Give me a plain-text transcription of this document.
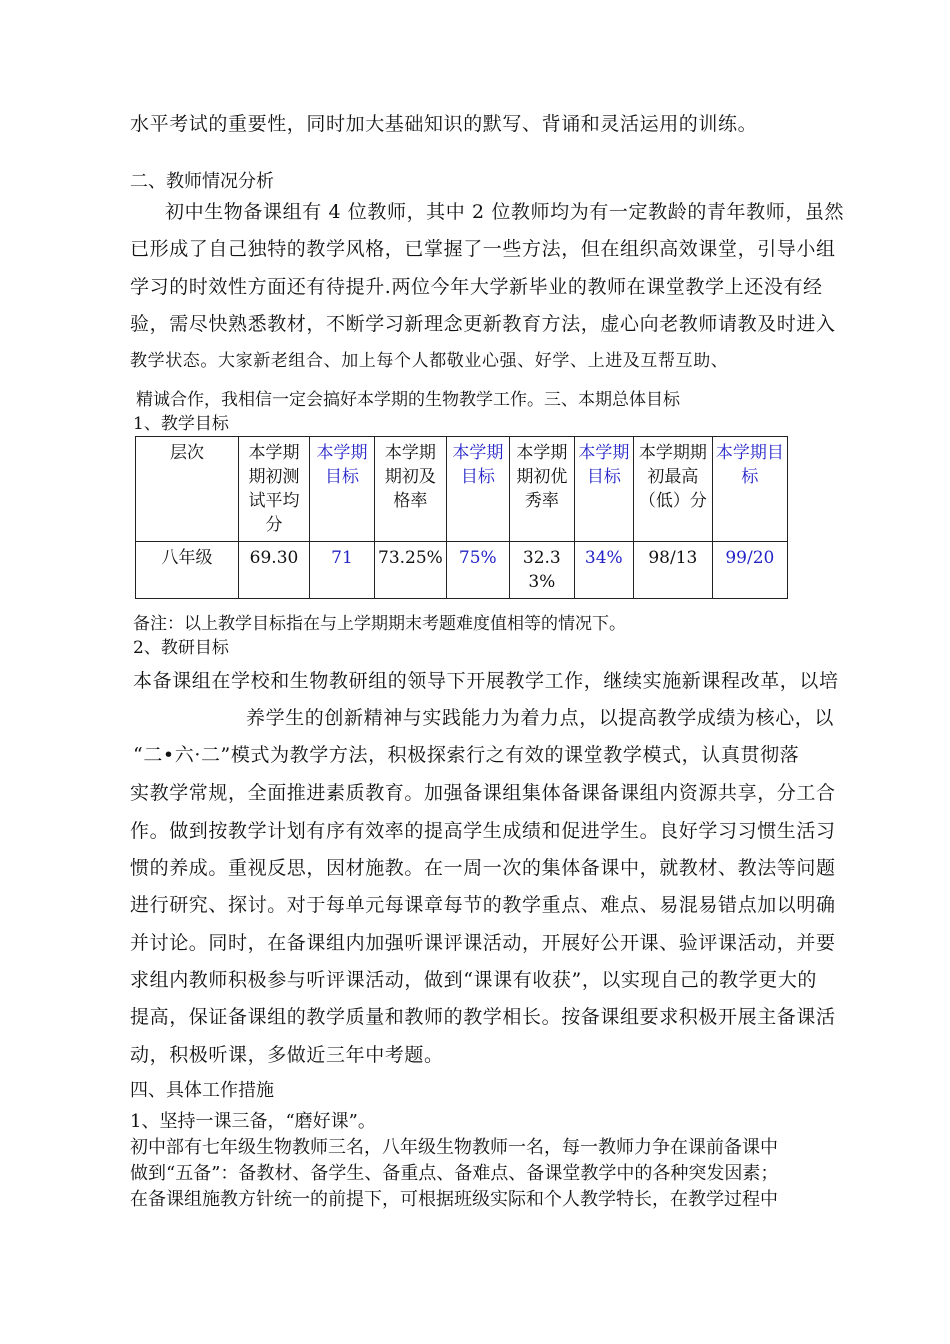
水平考试的重要性，同时加大基础知识的默写、背诵和灵活运用的训练。
二、教师情况分析
初中生物备课组有 4 位教师，其中 2 位教师均为有一定教龄的青年教师，虽然
已形成了自己独特的教学风格，已掌握了一些方法，但在组织高效课堂，引导小组
学习的时效性方面还有待提升.两位今年大学新毕业的教师在课堂教学上还没有经
验，需尽快熟悉教材，不断学习新理念更新教育方法，虚心向老教师请教及时进入
教学状态。大家新老组合、加上每个人都敬业心强、好学、上进及互帮互助、
精诚合作，我相信一定会搞好本学期的生物教学工作。三、本期总体目标
1、教学目标
层次	本学期期初测试平均分	本学期目标	本学期期初及格率	本学期目标	本学期期初优秀率	本学期目标	本学期期初最高（低）分	本学期目标
八年级	69.30	71	73.25%	75%	32.33%	34%	98/13	99/20
备注：以上教学目标指在与上学期期末考题难度值相等的情况下。
2、教研目标
本备课组在学校和生物教研组的领导下开展教学工作，继续实施新课程改革，以培
养学生的创新精神与实践能力为着力点，以提高教学成绩为核心，以
“二•六·二”模式为教学方法，积极探索行之有效的课堂教学模式，认真贯彻落
实教学常规，全面推进素质教育。加强备课组集体备课备课组内资源共享，分工合
作。做到按教学计划有序有效率的提高学生成绩和促进学生。良好学习习惯生活习
惯的养成。重视反思，因材施教。在一周一次的集体备课中，就教材、教法等问题
进行研究、探讨。对于每单元每课章每节的教学重点、难点、易混易错点加以明确
并讨论。同时，在备课组内加强听课评课活动，开展好公开课、验评课活动，并要
求组内教师积极参与听评课活动，做到“课课有收获”，以实现自己的教学更大的
提高，保证备课组的教学质量和教师的教学相长。按备课组要求积极开展主备课活
动，积极听课，多做近三年中考题。
四、具体工作措施
1、坚持一课三备，“磨好课”。
初中部有七年级生物教师三名，八年级生物教师一名，每一教师力争在课前备课中
做到“五备”：备教材、备学生、备重点、备难点、备课堂教学中的各种突发因素；
在备课组施教方针统一的前提下，可根据班级实际和个人教学特长，在教学过程中
